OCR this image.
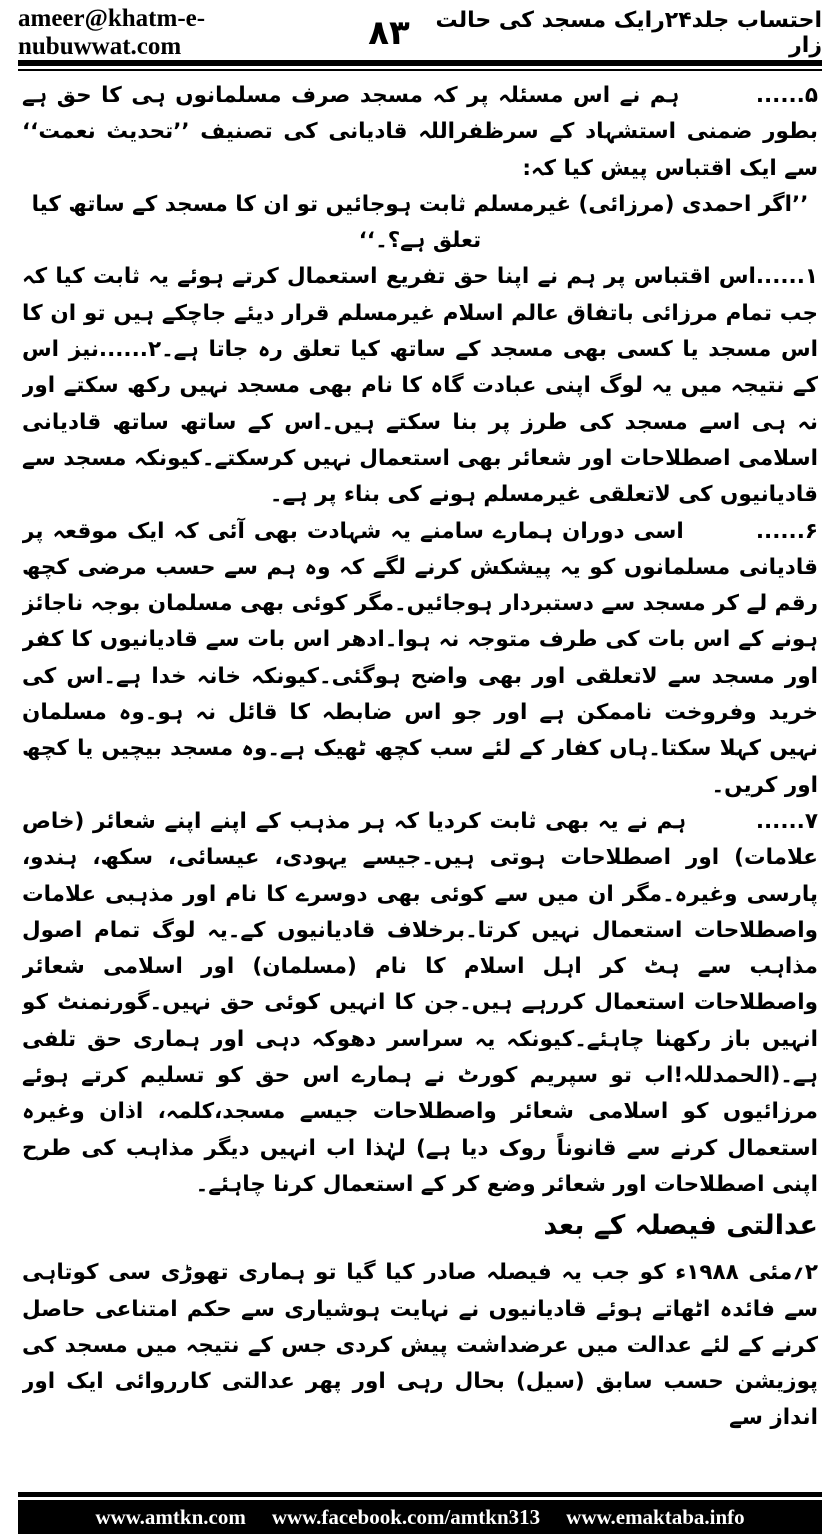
ameer@khatm-e-nubuwwat.com	۸۳	احتساب جلد۲۴رایک مسجد کی حالت زار

۵......        ہم نے اس مسئلہ پر کہ مسجد صرف مسلمانوں ہی کا حق ہے بطور ضمنی استشہاد کے سرظفراللہ قادیانی کی تصنیف ’’تحدیث نعمت‘‘ سے ایک اقتباس پیش کیا کہ:

’’اگر احمدی (مرزائی) غیرمسلم ثابت ہوجائیں تو ان کا مسجد کے ساتھ کیا تعلق ہے؟۔‘‘

۱......اس اقتباس پر ہم نے اپنا حق تفریع استعمال کرتے ہوئے یہ ثابت کیا کہ جب تمام مرزائی باتفاق عالم اسلام غیرمسلم قرار دیئے جاچکے ہیں تو ان کا اس مسجد یا کسی بھی مسجد کے ساتھ کیا تعلق رہ جاتا ہے۔۲......نیز اس کے نتیجہ میں یہ لوگ اپنی عبادت گاہ کا نام بھی مسجد نہیں رکھ سکتے اور نہ ہی اسے مسجد کی طرز پر بنا سکتے ہیں۔اس کے ساتھ ساتھ قادیانی اسلامی اصطلاحات اور شعائر بھی استعمال نہیں کرسکتے۔کیونکہ مسجد سے قادیانیوں کی لاتعلقی غیرمسلم ہونے کی بناء پر ہے۔

۶......        اسی دوران ہمارے سامنے یہ شہادت بھی آئی کہ ایک موقعہ پر قادیانی مسلمانوں کو یہ پیشکش کرنے لگے کہ وہ ہم سے حسب مرضی کچھ رقم لے کر مسجد سے دستبردار ہوجائیں۔مگر کوئی بھی مسلمان بوجہ ناجائز ہونے کے اس بات کی طرف متوجہ نہ ہوا۔ادھر اس بات سے قادیانیوں کا کفر اور مسجد سے لاتعلقی اور بھی واضح ہوگئی۔کیونکہ خانہ خدا ہے۔اس کی خرید وفروخت ناممکن ہے اور جو اس ضابطہ کا قائل نہ ہو۔وہ مسلمان نہیں کہلا سکتا۔ہاں کفار کے لئے سب کچھ ٹھیک ہے۔وہ مسجد بیچیں یا کچھ اور کریں۔

۷......        ہم نے یہ بھی ثابت کردیا کہ ہر مذہب کے اپنے اپنے شعائر (خاص علامات) اور اصطلاحات ہوتی ہیں۔جیسے یہودی، عیسائی، سکھ، ہندو، پارسی وغیرہ۔مگر ان میں سے کوئی بھی دوسرے کا نام اور مذہبی علامات واصطلاحات استعمال نہیں کرتا۔برخلاف قادیانیوں کے۔یہ لوگ تمام اصول مذاہب سے ہٹ کر اہل اسلام کا نام (مسلمان) اور اسلامی شعائر واصطلاحات استعمال کررہے ہیں۔جن کا انہیں کوئی حق نہیں۔گورنمنٹ کو انہیں باز رکھنا چاہئے۔کیونکہ یہ سراسر دھوکہ دہی اور ہماری حق تلفی ہے۔(الحمدللہ!اب تو سپریم کورٹ نے ہمارے اس حق کو تسلیم کرتے ہوئے مرزائیوں کو اسلامی شعائر واصطلاحات جیسے مسجد،کلمہ، اذان وغیرہ استعمال کرنے سے قانوناً روک دیا ہے) لہٰذا اب انہیں دیگر مذاہب کی طرح اپنی اصطلاحات اور شعائر وضع کر کے استعمال کرنا چاہئے۔

عدالتی فیصلہ کے بعد

۲؍مئی ۱۹۸۸ء کو جب یہ فیصلہ صادر کیا گیا تو ہماری تھوڑی سی کوتاہی سے فائدہ اٹھاتے ہوئے قادیانیوں نے نہایت ہوشیاری سے حکم امتناعی حاصل کرنے کے لئے عدالت میں عرضداشت پیش کردی جس کے نتیجہ میں مسجد کی پوزیشن حسب سابق (سیل) بحال رہی اور پھر عدالتی کارروائی ایک اور انداز سے

www.amtkn.com www.facebook.com/amtkn313 www.emaktaba.info
